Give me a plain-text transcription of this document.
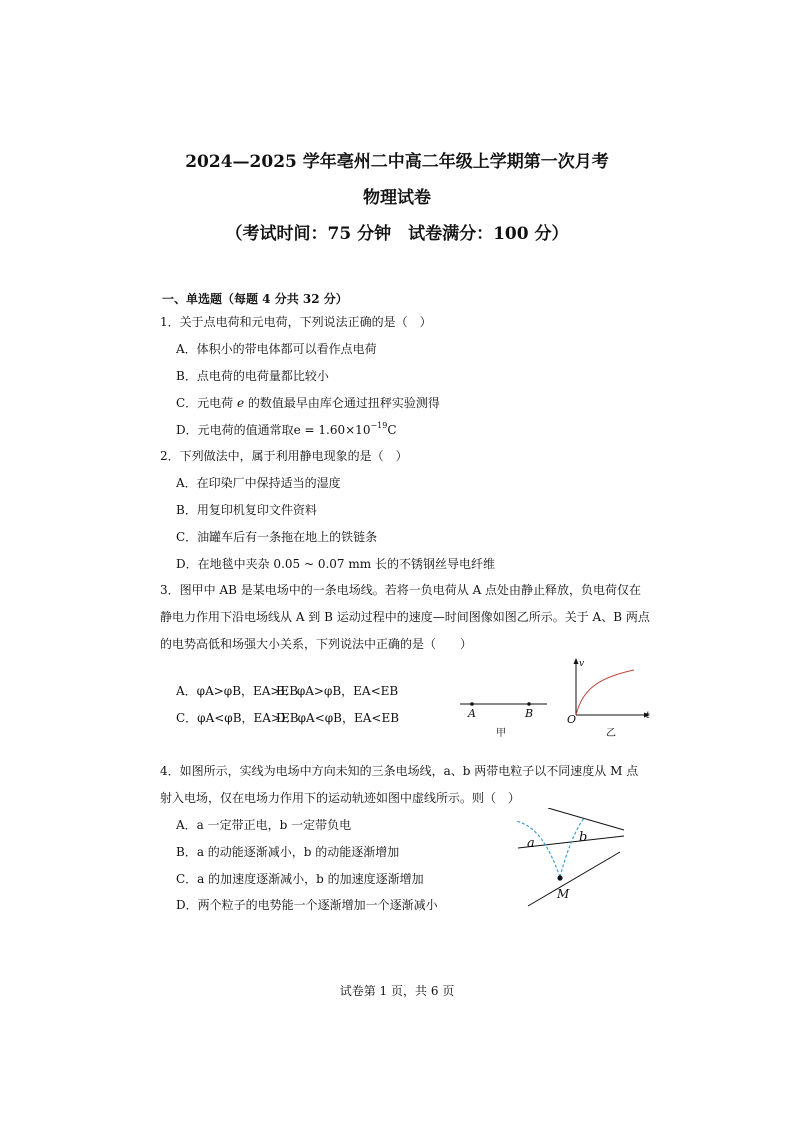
2024—2025 学年亳州二中高二年级上学期第一次月考
物理试卷
（考试时间：75 分钟　试卷满分：100 分）
一、单选题（每题 4 分共 32 分）
1．关于点电荷和元电荷，下列说法正确的是（　）
A．体积小的带电体都可以看作点电荷
B．点电荷的电荷量都比较小
C．元电荷 e 的数值最早由库仑通过扭秤实验测得
D．元电荷的值通常取$e = 1.60\times 10^{-19}C$
2．下列做法中，属于利用静电现象的是（　）
A．在印染厂中保持适当的湿度
B．用复印机复印文件资料
C．油罐车后有一条拖在地上的铁链条
D．在地毯中夹杂 0.05 ~ 0.07 mm 长的不锈钢丝导电纤维
3．图甲中 AB 是某电场中的一条电场线。若将一负电荷从 A 点处由静止释放，负电荷仅在
静电力作用下沿电场线从 A 到 B 运动过程中的速度—时间图像如图乙所示。关于 A、B 两点
的电势高低和场强大小关系，下列说法中正确的是（　　）
A．φA>φB，EA>EB
B．φA>φB，EA<EB
C．φA<φB，EA>EB
D．φA<φB，EA<EB	A	B
甲
v
t
O
乙
4．如图所示，实线为电场中方向未知的三条电场线，a、b 两带电粒子以不同速度从 M 点
射入电场，仅在电场力作用下的运动轨迹如图中虚线所示。则（　）
A．a 一定带正电，b 一定带负电
B．a 的动能逐渐减小，b 的动能逐渐增加
C．a 的加速度逐渐减小，b 的加速度逐渐增加
D．两个粒子的电势能一个逐渐增加一个逐渐减小
a	b
M
试卷第 1 页，共 6 页
